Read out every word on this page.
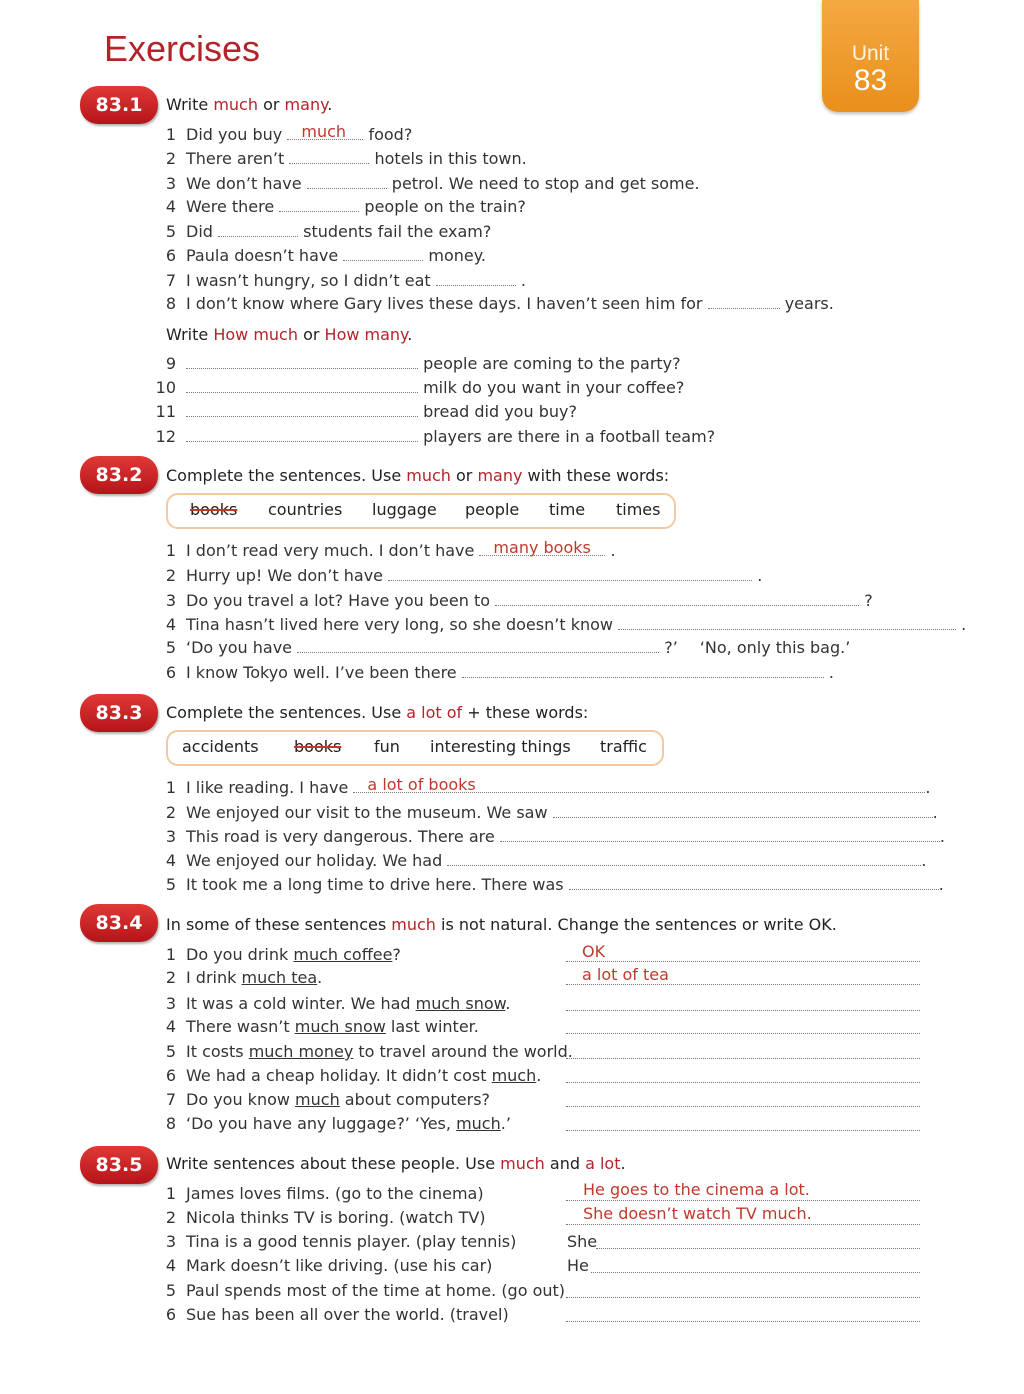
Exercises	Unit
83
83.1	Write much or many.
1 Did you buy much food?
2 There aren’t	hotels in this town.
3 We don’t have	petrol. We need to stop and get some.
4 Were there	people on the train?
5 Did	students fail the exam?
6 Paula doesn’t have	money.
7 I wasn’t hungry, so I didn’t eat	.
8 I don’t know where Gary lives these days. I haven’t seen him for	years.
Write How much or How many.
9	people are coming to the party?
10	milk do you want in your coffee?
11	bread did you buy?
12	players are there in a football team?
83.2	Complete the sentences. Use much or many with these words:
books countries luggage people time times
1 I don’t read very much. I don’t have many books .
2 Hurry up! We don’t have	.
3 Do you travel a lot? Have you been to	?
4 Tina hasn’t lived here very long, so she doesn’t know	.
5 ‘Do you have	?’ ‘No, only this bag.’
6 I know Tokyo well. I’ve been there	.
83.3	Complete the sentences. Use a lot of + these words:
accidents books fun interesting things traffic
1 I like reading. I have a lot of books	.
2 We enjoyed our visit to the museum. We saw	.
3 This road is very dangerous. There are	.
4 We enjoyed our holiday. We had	.
5 It took me a long time to drive here. There was	.
83.4	In some of these sentences much is not natural. Change the sentences or write OK.
1 Do you drink much coffee?	OK
2 I drink much tea.	a lot of tea
3 It was a cold winter. We had much snow.
4 There wasn’t much snow last winter.
5 It costs much money to travel around the world.
6 We had a cheap holiday. It didn’t cost much.
7 Do you know much about computers?
8 ‘Do you have any luggage?’ ‘Yes, much.’
83.5	Write sentences about these people. Use much and a lot.
1 James loves films. (go to the cinema)	He goes to the cinema a lot.
2 Nicola thinks TV is boring. (watch TV)	She doesn’t watch TV much.
3 Tina is a good tennis player. (play tennis)	She
4 Mark doesn’t like driving. (use his car)	He
5 Paul spends most of the time at home. (go out)
6 Sue has been all over the world. (travel)
